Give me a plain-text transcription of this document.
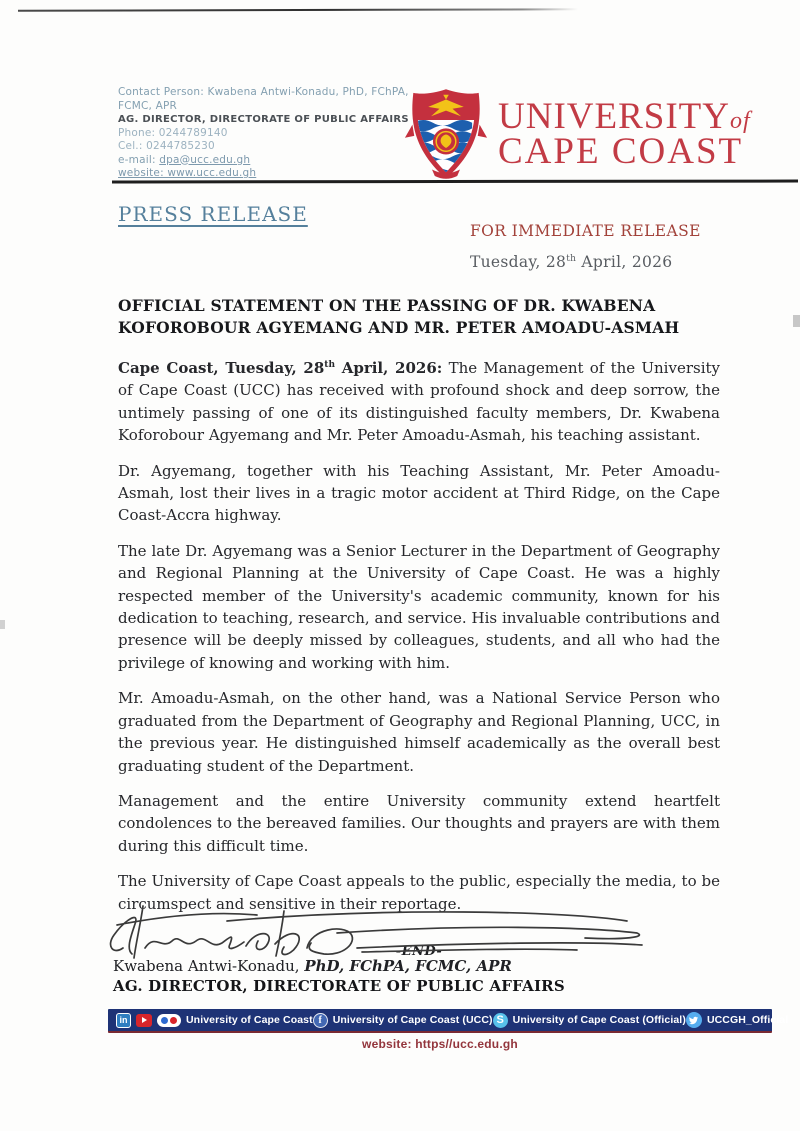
Contact Person: Kwabena Antwi-Konadu, PhD, FChPA, FCMC, APR
AG. DIRECTOR, DIRECTORATE OF PUBLIC AFFAIRS
Phone: 0244789140
Cel.: 0244785230
e-mail: dpa@ucc.edu.gh
website: www.ucc.edu.gh
UNIVERSITYof
CAPE COAST
PRESS RELEASE
FOR IMMEDIATE RELEASE
Tuesday, 28th April, 2026
OFFICIAL STATEMENT ON THE PASSING OF DR. KWABENA KOFOROBOUR AGYEMANG AND MR. PETER AMOADU-ASMAH

Cape Coast, Tuesday, 28th April, 2026: The Management of the University of Cape Coast (UCC) has received with profound shock and deep sorrow, the untimely passing of one of its distinguished faculty members, Dr. Kwabena Koforobour Agyemang and Mr. Peter Amoadu-Asmah, his teaching assistant.

Dr. Agyemang, together with his Teaching Assistant, Mr. Peter Amoadu-Asmah, lost their lives in a tragic motor accident at Third Ridge, on the Cape Coast-Accra highway.

The late Dr. Agyemang was a Senior Lecturer in the Department of Geography and Regional Planning at the University of Cape Coast. He was a highly respected member of the University's academic community, known for his dedication to teaching, research, and service. His invaluable contributions and presence will be deeply missed by colleagues, students, and all who had the privilege of knowing and working with him.

Mr. Amoadu-Asmah, on the other hand, was a National Service Person who graduated from the Department of Geography and Regional Planning, UCC, in the previous year. He distinguished himself academically as the overall best graduating student of the Department.

Management and the entire University community extend heartfelt condolences to the bereaved families. Our thoughts and prayers are with them during this difficult time.

The University of Cape Coast appeals to the public, especially the media, to be circumspect and sensitive in their reportage.

-END-
Kwabena Antwi-Konadu, PhD, FChPA, FCMC, APR
AG. DIRECTOR, DIRECTORATE OF PUBLIC AFFAIRS
in	University of Cape Coast f	University of Cape Coast (UCC) S University of Cape Coast (Official) UCCGH_Official
website: https//ucc.edu.gh
